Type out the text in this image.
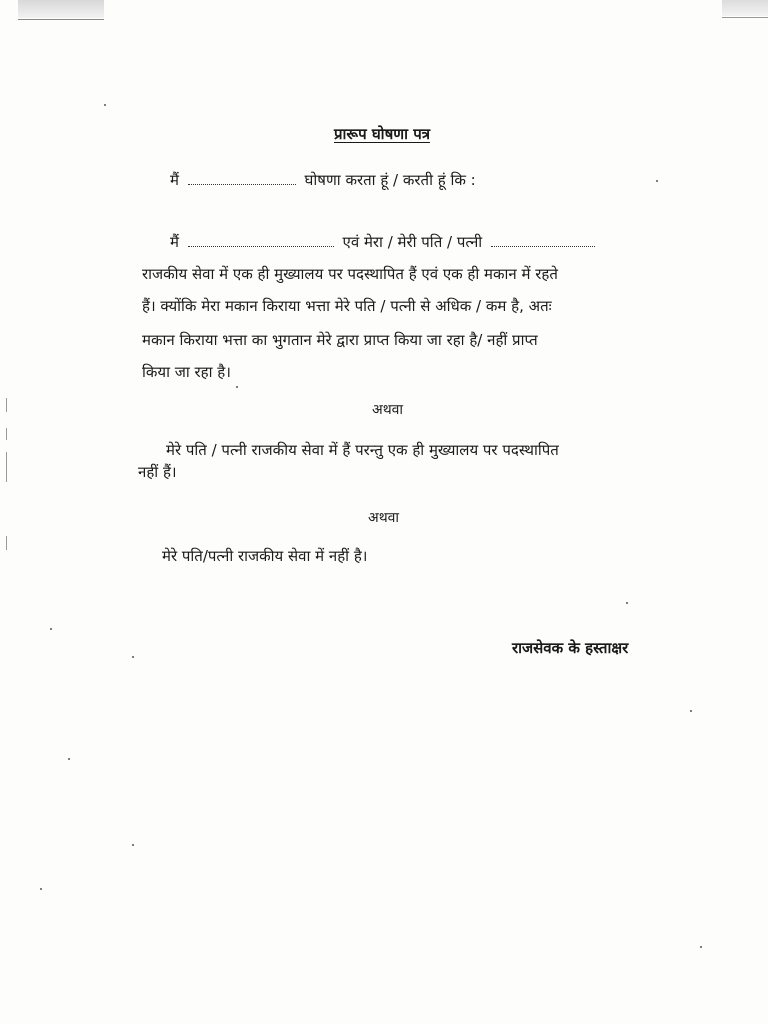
प्रारूप घोषणा पत्र
मैं	घोषणा करता हूं / करती हूं कि :
मैं	एवं मेरा / मेरी पति / पत्नी
राजकीय सेवा में एक ही मुख्यालय पर पदस्थापित हैं एवं एक ही मकान में रहते
हैं। क्योंकि मेरा मकान किराया भत्ता मेरे पति / पत्नी से अधिक / कम है, अतः
मकान किराया भत्ता का भुगतान मेरे द्वारा प्राप्त किया जा रहा है/ नहीं प्राप्त
किया जा रहा है।
अथवा
मेरे पति / पत्नी राजकीय सेवा में हैं परन्तु एक ही मुख्यालय पर पदस्थापित
नहीं हैं।
अथवा
मेरे पति/पत्नी राजकीय सेवा में नहीं है।
राजसेवक के हस्ताक्षर
